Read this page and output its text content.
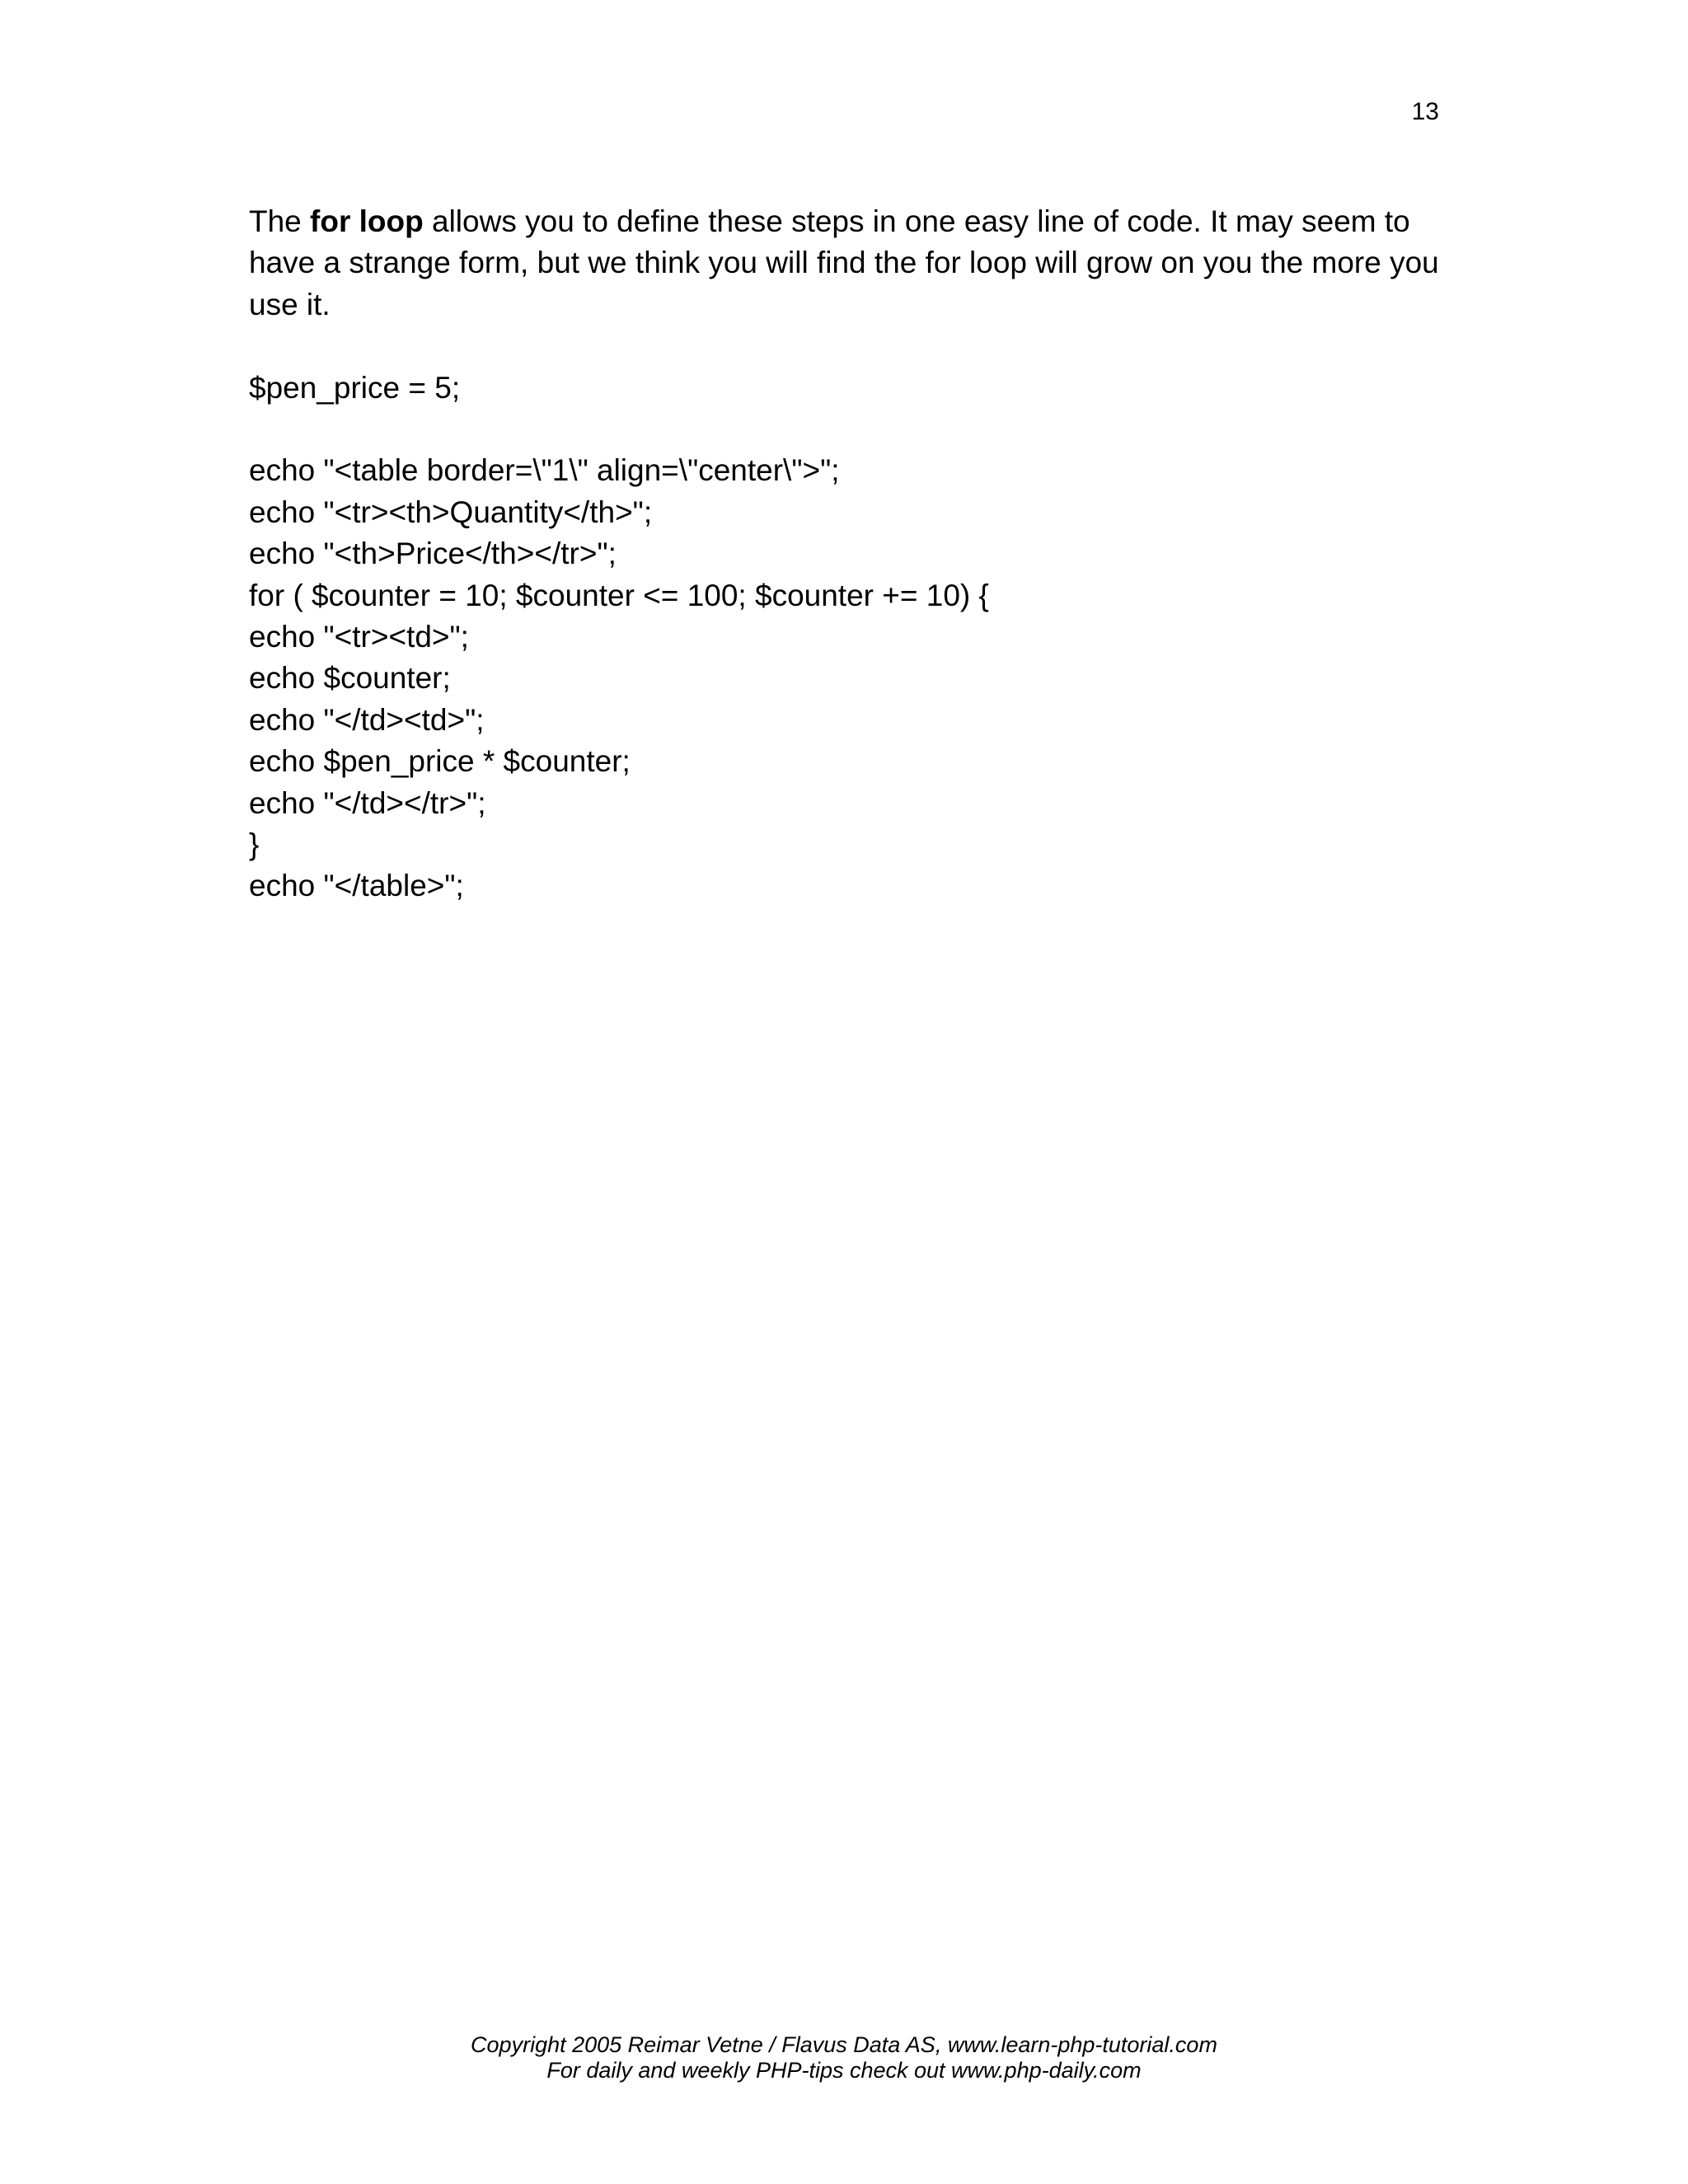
13

The for loop allows you to define these steps in one easy line of code. It may seem to have a strange form, but we think you will find the for loop will grow on you the more you use it.

$pen_price = 5;

echo "<table border=\"1\" align=\"center\">";

echo "<tr><th>Quantity</th>";

echo "<th>Price</th></tr>";

for ( $counter = 10; $counter <= 100; $counter += 10) {

echo "<tr><td>";

echo $counter;

echo "</td><td>";

echo $pen_price * $counter;

echo "</td></tr>";

}

echo "</table>";

Copyright 2005 Reimar Vetne / Flavus Data AS, www.learn-php-tutorial.com
For daily and weekly PHP-tips check out www.php-daily.com
